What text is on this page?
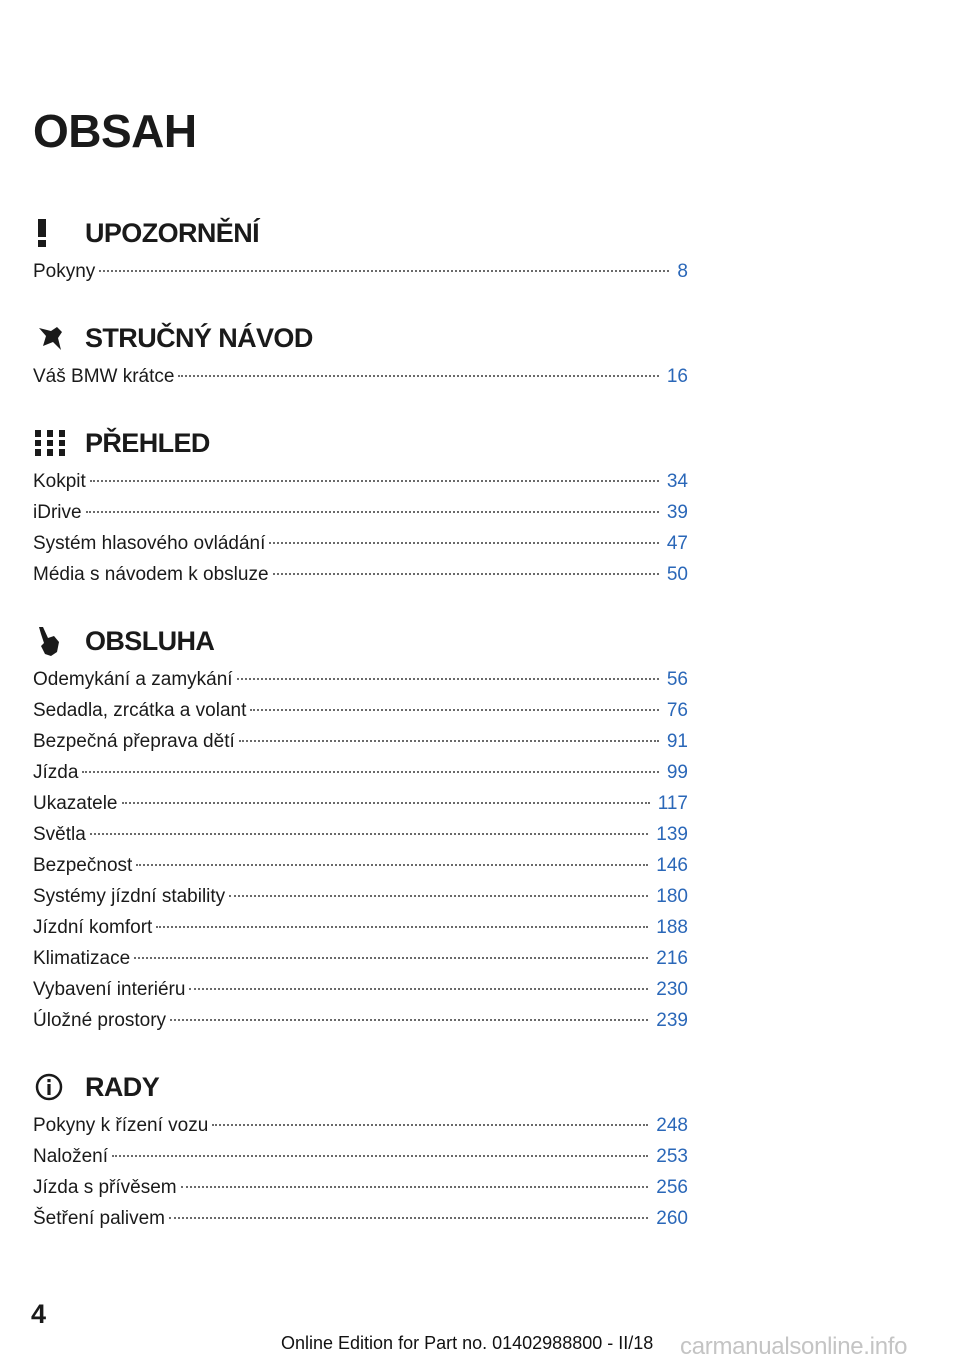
OBSAH
UPOZORNĚNÍ
Pokyny	8
STRUČNÝ NÁVOD
Váš BMW krátce	16
PŘEHLED
Kokpit	34
iDrive	39
Systém hlasového ovládání	47
Média s návodem k obsluze	50
OBSLUHA
Odemykání a zamykání	56
Sedadla, zrcátka a volant	76
Bezpečná přeprava dětí	91
Jízda	99
Ukazatele	117
Světla	139
Bezpečnost	146
Systémy jízdní stability	180
Jízdní komfort	188
Klimatizace	216
Vybavení interiéru	230
Úložné prostory	239
RADY
Pokyny k řízení vozu	248
Naložení	253
Jízda s přívěsem	256
Šetření palivem	260
4
Online Edition for Part no. 01402988800 - II/18 carmanualsonline.info
